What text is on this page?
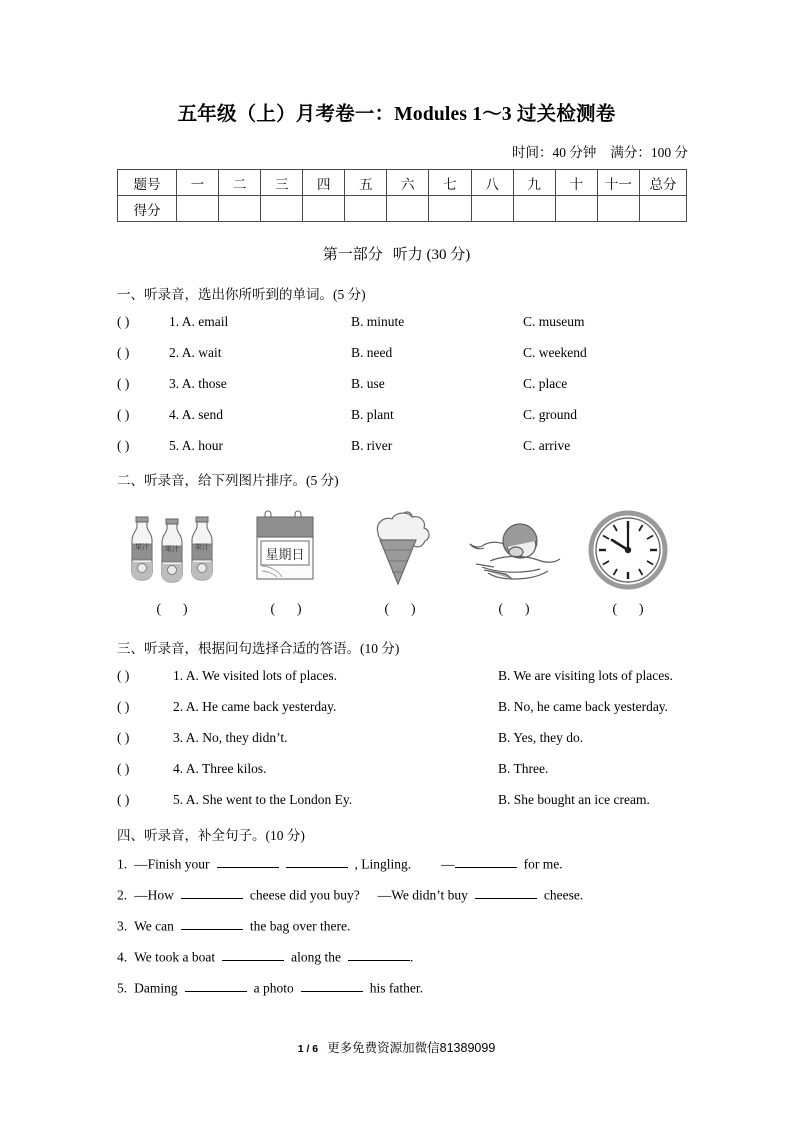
五年级（上）月考卷一：Modules 1～3 过关检测卷
时间：40 分钟 满分：100 分
题号	一	二	三	四	五	六	七	八	九	十	十一	总分
得分												
第一部分 听力 (30 分)
一、听录音，选出你所听到的单词。(5 分)
( )	1. A. email	B. minute	C. museum
( )	2. A. wait	B. need	C. weekend
( )	3. A. those	B. use	C. place
( )	4. A. send	B. plant	C. ground
( )	5. A. hour	B. river	C. arrive
二、听录音，给下列图片排序。(5 分)
果汁 果汁 果汁	星期日
( )	( )	( )	( )	( )
三、听录音，根据问句选择合适的答语。(10 分)
( )	1. A. We visited lots of places.	B. We are visiting lots of places.
( )	2. A. He came back yesterday.	B. No, he came back yesterday.
( )	3. A. No, they didn’t.	B. Yes, they do.
( )	4. A. Three kilos.	B. Three.
( )	5. A. She went to the London Ey.	B. She bought an ice cream.
四、听录音，补全句子。(10 分)
1. —Finish your	, Lingling. —	for me.
2. —How	cheese did you buy? —We didn’t buy	cheese.
3. We can	the bag over there.
4. We took a boat	along the	.
5. Daming	a photo	his father.
1 / 6 更多免费资源加微信81389099
